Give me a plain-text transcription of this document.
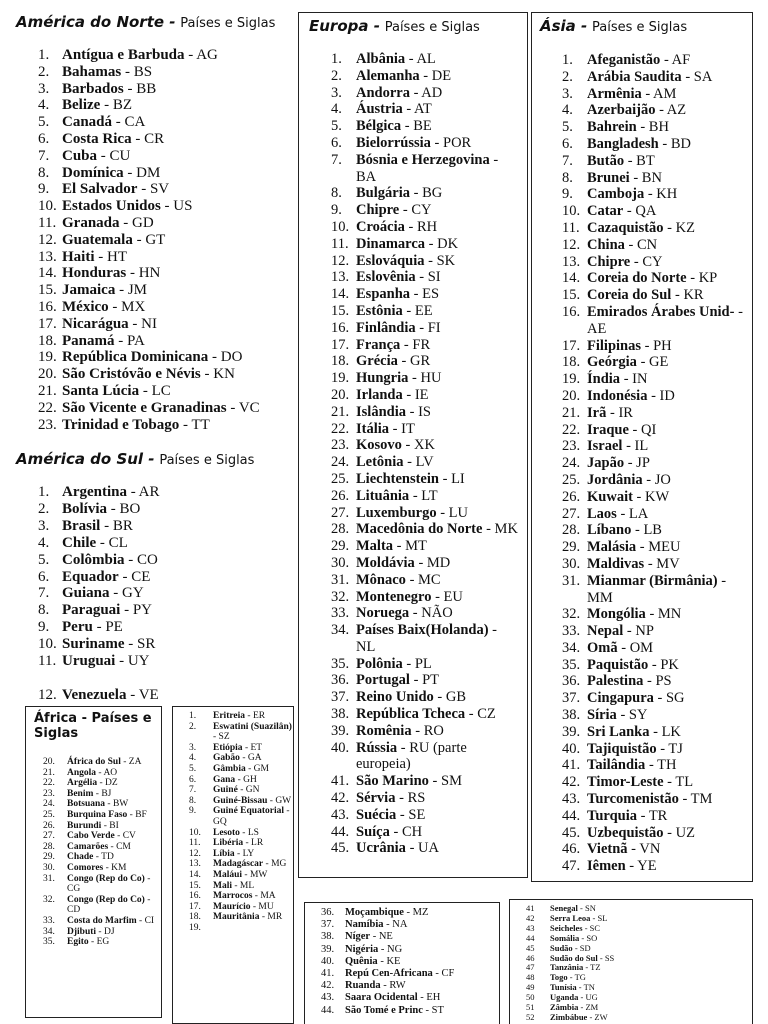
América do Norte - Países e Siglas
1. Antígua e Barbuda - AG
2. Bahamas - BS
3. Barbados - BB
4. Belize - BZ
5. Canadá - CA
6. Costa Rica - CR
7. Cuba - CU
8. Domínica - DM
9. El Salvador - SV
10. Estados Unidos - US
11. Granada - GD
12. Guatemala - GT
13. Haiti - HT
14. Honduras - HN
15. Jamaica - JM
16. México - MX
17. Nicarágua - NI
18. Panamá - PA
19. República Dominicana - DO
20. São Cristóvão e Névis - KN
21. Santa Lúcia - LC
22. São Vicente e Granadinas - VC
23. Trinidad e Tobago - TT
América do Sul - Países e Siglas
1. Argentina - AR
2. Bolívia - BO
3. Brasil - BR
4. Chile - CL
5. Colômbia - CO
6. Equador - CE
7. Guiana - GY
8. Paraguai - PY
9. Peru - PE
10. Suriname - SR
11. Uruguai - UY
12. Venezuela - VE
Europa - Países e Siglas
1. Albânia - AL
2. Alemanha - DE
3. Andorra - AD
4. Áustria - AT
5. Bélgica - BE
6. Bielorrússia - POR
7. Bósnia e Herzegovina - BA
8. Bulgária - BG
9. Chipre - CY
10. Croácia - RH
11. Dinamarca - DK
12. Eslováquia - SK
13. Eslovênia - SI
14. Espanha - ES
15. Estônia - EE
16. Finlândia - FI
17. França - FR
18. Grécia - GR
19. Hungria - HU
20. Irlanda - IE
21. Islândia - IS
22. Itália - IT
23. Kosovo - XK
24. Letônia - LV
25. Liechtenstein - LI
26. Lituânia - LT
27. Luxemburgo - LU
28. Macedônia do Norte - MK
29. Malta - MT
30. Moldávia - MD
31. Mônaco - MC
32. Montenegro - EU
33. Noruega - NÃO
34. Países Baix(Holanda) - NL
35. Polônia - PL
36. Portugal - PT
37. Reino Unido - GB
38. República Tcheca - CZ
39. Romênia - RO
40. Rússia - RU (parte europeia)
41. São Marino - SM
42. Sérvia - RS
43. Suécia - SE
44. Suíça - CH
45. Ucrânia - UA
Ásia - Países e Siglas
1. Afeganistão - AF
2. Arábia Saudita - SA
3. Armênia - AM
4. Azerbaijão - AZ
5. Bahrein - BH
6. Bangladesh - BD
7. Butão - BT
8. Brunei - BN
9. Camboja - KH
10. Catar - QA
11. Cazaquistão - KZ
12. China - CN
13. Chipre - CY
14. Coreia do Norte - KP
15. Coreia do Sul - KR
16. Emirados Árabes Unid- - AE
17. Filipinas - PH
18. Geórgia - GE
19. Índia - IN
20. Indonésia - ID
21. Irã - IR
22. Iraque - QI
23. Israel - IL
24. Japão - JP
25. Jordânia - JO
26. Kuwait - KW
27. Laos - LA
28. Líbano - LB
29. Malásia - MEU
30. Maldivas - MV
31. Mianmar (Birmânia) - MM
32. Mongólia - MN
33. Nepal - NP
34. Omã - OM
35. Paquistão - PK
36. Palestina - PS
37. Cingapura - SG
38. Síria - SY
39. Sri Lanka - LK
40. Tajiquistão - TJ
41. Tailândia - TH
42. Timor-Leste - TL
43. Turcomenistão - TM
44. Turquia - TR
45. Uzbequistão - UZ
46. Vietnã - VN
47. Iêmen - YE
África - Países e Siglas
20.	África do Sul - ZA
21.	Angola - AO
22.	Argélia - DZ
23.	Benim - BJ
24.	Botsuana - BW
25.	Burquina Faso - BF
26.	Burundi - BI
27.	Cabo Verde - CV
28.	Camarões - CM
29.	Chade - TD
30.	Comores - KM
31.	Congo (Rep do Co) - CG
32.	Congo (Rep do Co) - CD
33.	Costa do Marfim - CI
34.	Djibuti - DJ
35.	Egito - EG
1.	Eritreia - ER
2.	Eswatini (Suazilân) - SZ
3.	Etiópia - ET
4.	Gabão - GA
5.	Gâmbia - GM
6.	Gana - GH
7.	Guiné - GN
8.	Guiné-Bissau - GW
9.	Guiné Equatorial - GQ
10.	Lesoto - LS
11.	Libéria - LR
12.	Líbia - LY
13.	Madagáscar - MG
14.	Maláui - MW
15.	Mali - ML
16.	Marrocos - MA
17.	Maurício - MU
18.	Mauritânia - MR
19.
36.	Moçambique - MZ
37.	Namíbia - NA
38.	Níger - NE
39.	Nigéria - NG
40.	Quênia - KE
41.	Repú Cen-Africana - CF
42.	Ruanda - RW
43.	Saara Ocidental - EH
44.	São Tomé e Princ - ST
41	Senegal - SN
42	Serra Leoa - SL
43	Seicheles - SC
44	Somália - SO
45	Sudão - SD
46	Sudão do Sul - SS
47	Tanzânia - TZ
48	Togo - TG
49	Tunísia - TN
50	Uganda - UG
51	Zâmbia - ZM
52	Zimbábue - ZW
